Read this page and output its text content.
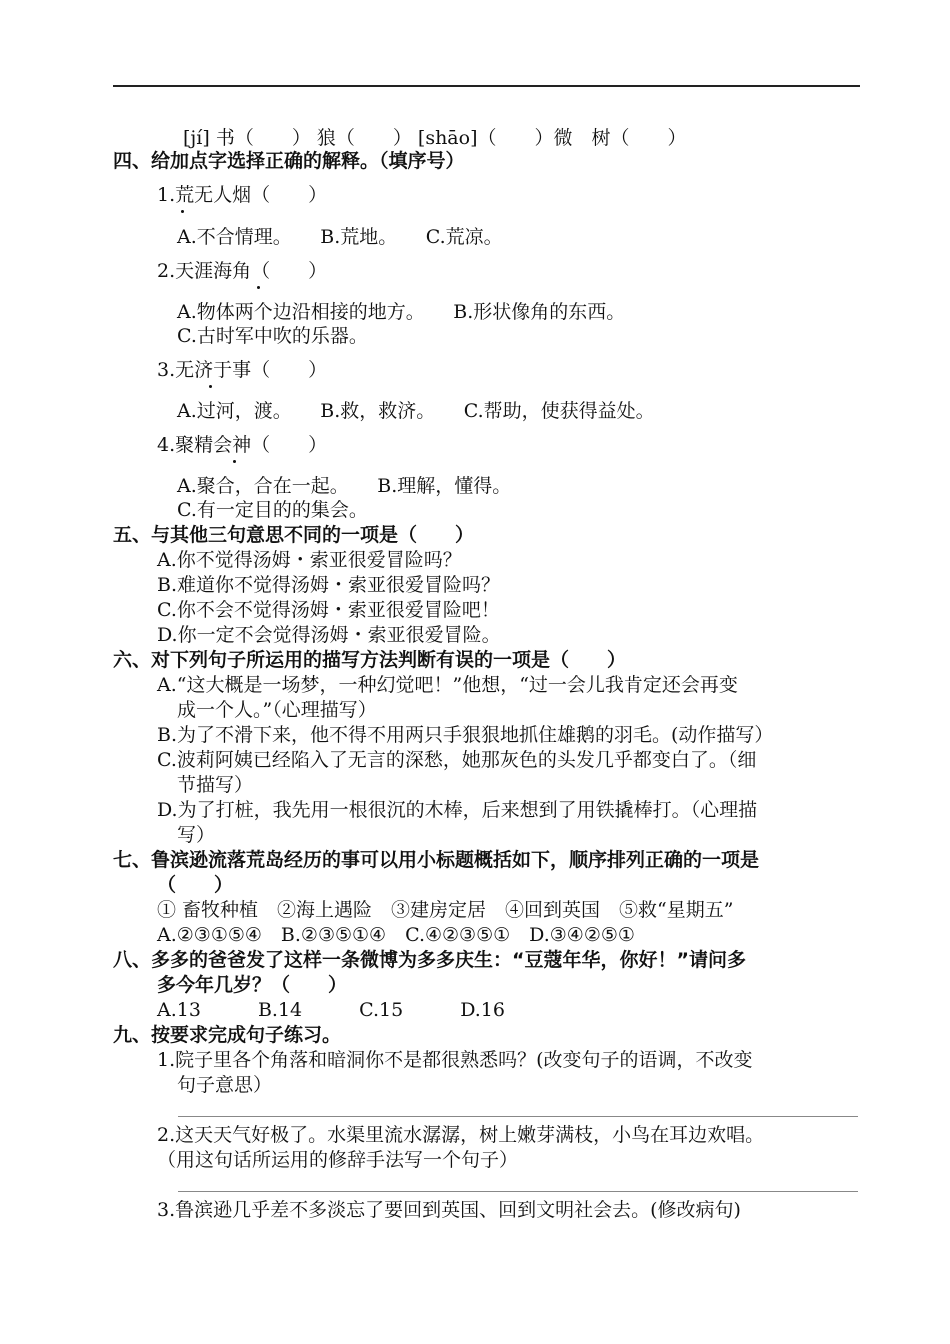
[jí] 书（　　） 狼（　　） [shāo]（　　）微　树（　　）
四、给加点字选择正确的解释。（填序号）
1.荒无人烟（　　）
A.不合情理。　　B.荒地。　　C.荒凉。
2.天涯海角（　　）
A.物体两个边沿相接的地方。　　B.形状像角的东西。
C.古时军中吹的乐器。
3.无济于事（　　）
A.过河，渡。　　B.救，救济。　　C.帮助，使获得益处。
4.聚精会神（　　）
A.聚合，合在一起。　　B.理解，懂得。
C.有一定目的的集会。
五、与其他三句意思不同的一项是（　　）
A.你不觉得汤姆・索亚很爱冒险吗？
B.难道你不觉得汤姆・索亚很爱冒险吗？
C.你不会不觉得汤姆・索亚很爱冒险吧！
D.你一定不会觉得汤姆・索亚很爱冒险。
六、对下列句子所运用的描写方法判断有误的一项是（　　）
A.“这大概是一场梦，一种幻觉吧！”他想，“过一会儿我肯定还会再变
成一个人。”（心理描写）
B.为了不滑下来，他不得不用两只手狠狠地抓住雄鹅的羽毛。(动作描写）
C.波莉阿姨已经陷入了无言的深愁，她那灰色的头发几乎都变白了。（细
节描写）
D.为了打桩，我先用一根很沉的木棒，后来想到了用铁撬棒打。（心理描
写）
七、鲁滨逊流落荒岛经历的事可以用小标题概括如下，顺序排列正确的一项是
（　　）
① 畜牧种植　②海上遇险　③建房定居　④回到英国　⑤救“星期五”
A.②③①⑤④　B.②③⑤①④　C.④②③⑤①　D.③④②⑤①
八、多多的爸爸发了这样一条微博为多多庆生：“豆蔻年华，你好！”请问多
多今年几岁？（　　）
A.13　　　B.14　　　C.15　　　D.16
九、按要求完成句子练习。
1.院子里各个角落和暗洞你不是都很熟悉吗？(改变句子的语调，不改变
句子意思）
2.这天天气好极了。水渠里流水潺潺，树上嫩芽满枝，小鸟在耳边欢唱。
（用这句话所运用的修辞手法写一个句子）
3.鲁滨逊几乎差不多淡忘了要回到英国、回到文明社会去。(修改病句)
